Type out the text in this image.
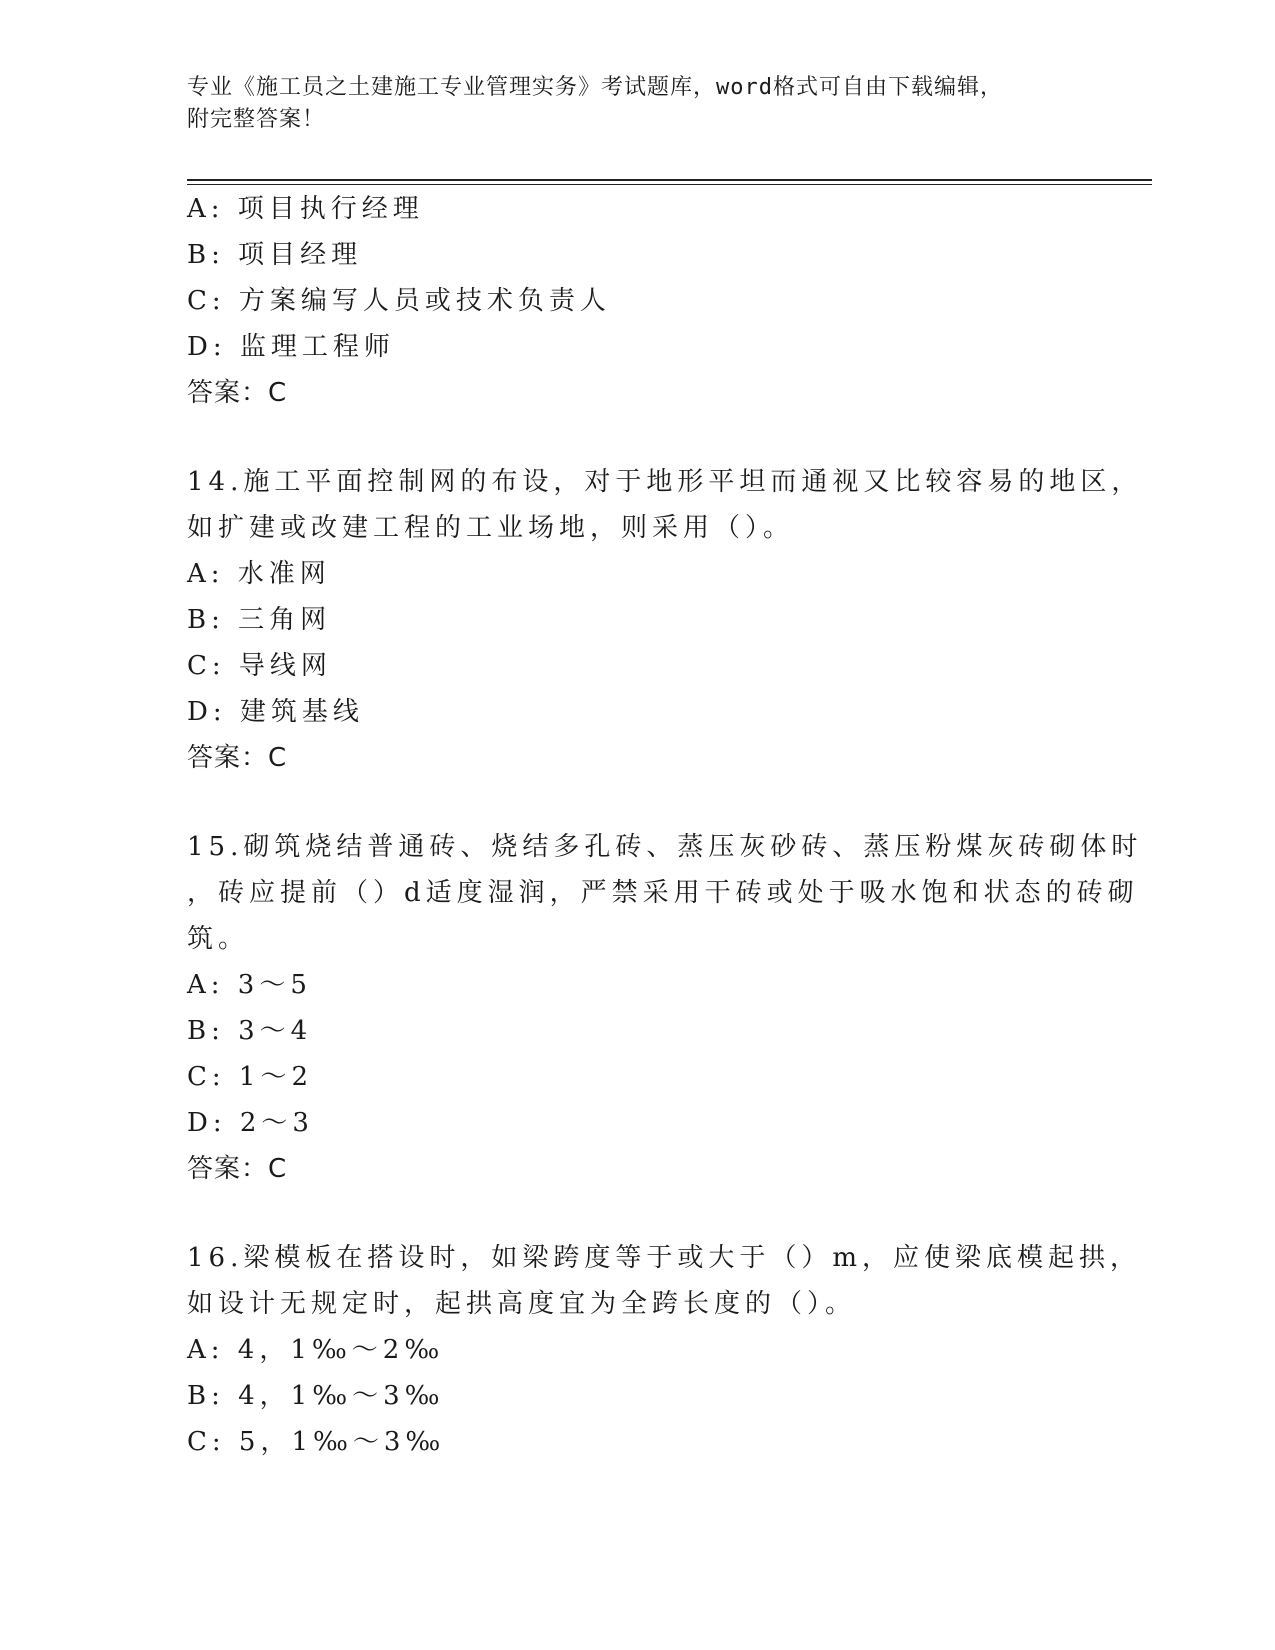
专业《施工员之土建施工专业管理实务》考试题库，word格式可自由下载编辑，
附完整答案！
A: 项目执行经理
B: 项目经理
C: 方案编写人员或技术负责人
D: 监理工程师
答案：C
14.施工平面控制网的布设，对于地形平坦而通视又比较容易的地区，
如扩建或改建工程的工业场地，则采用（）。
A: 水准网
B: 三角网
C: 导线网
D: 建筑基线
答案：C
15.砌筑烧结普通砖、烧结多孔砖、蒸压灰砂砖、蒸压粉煤灰砖砌体时
，砖应提前（）d适度湿润，严禁采用干砖或处于吸水饱和状态的砖砌
筑。
A: 3～5
B: 3～4
C: 1～2
D: 2～3
答案：C
16.梁模板在搭设时，如梁跨度等于或大于（）m，应使梁底模起拱，
如设计无规定时，起拱高度宜为全跨长度的（）。
A: 4，1‰～2‰
B: 4，1‰～3‰
C: 5，1‰～3‰
